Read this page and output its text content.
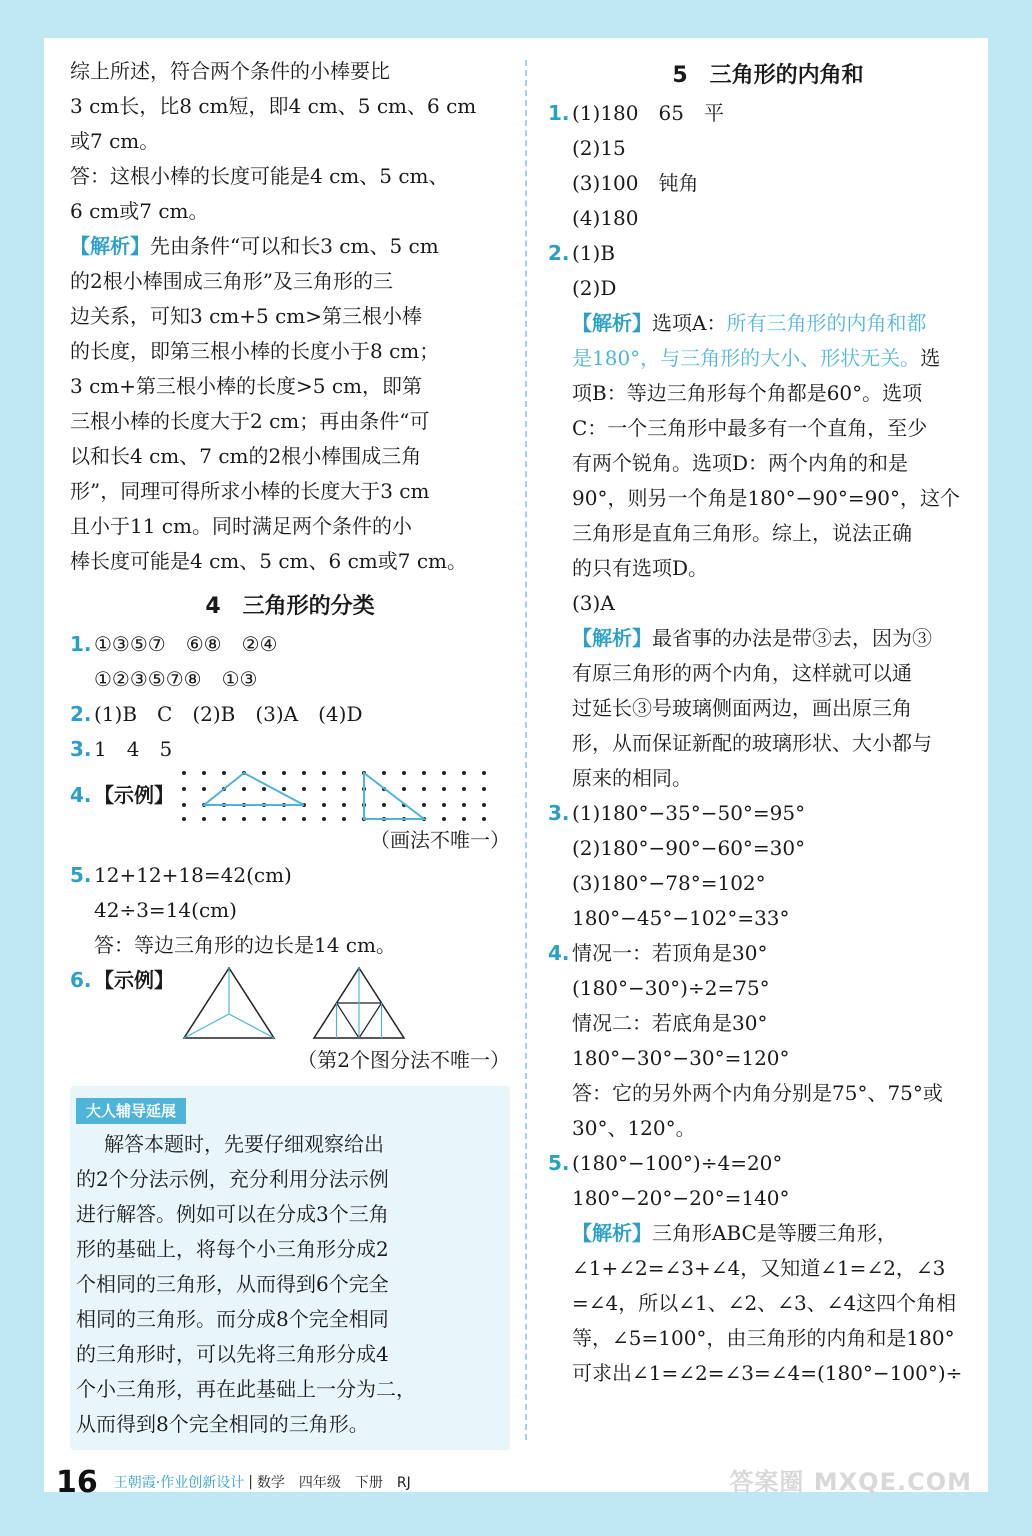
综上所述，符合两个条件的小棒要比
3 cm长，比8 cm短，即4 cm、5 cm、6 cm
或7 cm。
答：这根小棒的长度可能是4 cm、5 cm、
6 cm或7 cm。
【解析】先由条件“可以和长3 cm、5 cm
的2根小棒围成三角形”及三角形的三
边关系，可知3 cm+5 cm>第三根小棒
的长度，即第三根小棒的长度小于8 cm；
3 cm+第三根小棒的长度>5 cm，即第
三根小棒的长度大于2 cm；再由条件“可
以和长4 cm、7 cm的2根小棒围成三角
形”，同理可得所求小棒的长度大于3 cm
且小于11 cm。同时满足两个条件的小
棒长度可能是4 cm、5 cm、6 cm或7 cm。
4　三角形的分类
1. ①③⑤⑦　⑥⑧　②④
①②③⑤⑦⑧　①③
2. (1)B　C　(2)B　(3)A　(4)D
3. 1　4　5
4. 【示例】
（画法不唯一）
5. 12+12+18=42(cm)
42÷3=14(cm)
答：等边三角形的边长是14 cm。
6. 【示例】
（第2个图分法不唯一）
大人辅导延展
解答本题时，先要仔细观察给出
的2个分法示例，充分利用分法示例
进行解答。例如可以在分成3个三角
形的基础上，将每个小三角形分成2
个相同的三角形，从而得到6个完全
相同的三角形。而分成8个完全相同
的三角形时，可以先将三角形分成4
个小三角形，再在此基础上一分为二，
从而得到8个完全相同的三角形。
5　三角形的内角和
1. (1)180　65　平
(2)15
(3)100　钝角
(4)180
2. (1)B
(2)D
【解析】选项A：所有三角形的内角和都
是180°，与三角形的大小、形状无关。选
项B：等边三角形每个角都是60°。选项
C：一个三角形中最多有一个直角，至少
有两个锐角。选项D：两个内角的和是
90°，则另一个角是180°−90°=90°，这个
三角形是直角三角形。综上，说法正确
的只有选项D。
(3)A
【解析】最省事的办法是带③去，因为③
有原三角形的两个内角，这样就可以通
过延长③号玻璃侧面两边，画出原三角
形，从而保证新配的玻璃形状、大小都与
原来的相同。
3. (1)180°−35°−50°=95°
(2)180°−90°−60°=30°
(3)180°−78°=102°
180°−45°−102°=33°
4. 情况一：若顶角是30°
(180°−30°)÷2=75°
情况二：若底角是30°
180°−30°−30°=120°
答：它的另外两个内角分别是75°、75°或
30°、120°。
5. (180°−100°)÷4=20°
180°−20°−20°=140°
【解析】三角形ABC是等腰三角形，
∠1+∠2=∠3+∠4，又知道∠1=∠2，∠3
=∠4，所以∠1、∠2、∠3、∠4这四个角相
等，∠5=100°，由三角形的内角和是180°
可求出∠1=∠2=∠3=∠4=(180°−100°)÷
16 王朝霞·作业创新设计 | 数学　四年级　下册　RJ	答案圈 MXQE.COM
